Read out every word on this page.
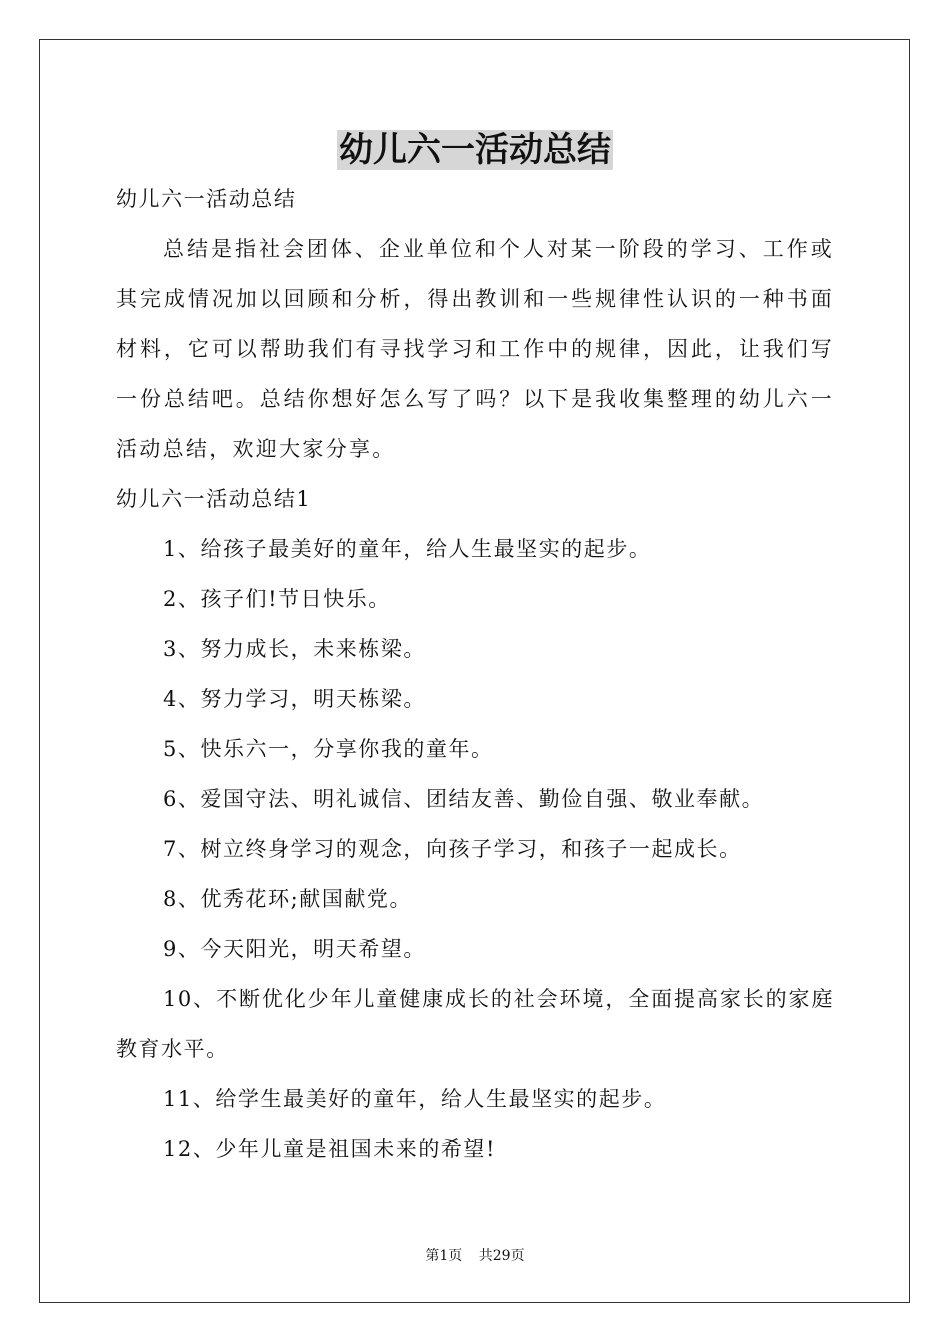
幼儿六一活动总结

幼儿六一活动总结

总结是指社会团体、企业单位和个人对某一阶段的学习、工作或其完成情况加以回顾和分析，得出教训和一些规律性认识的一种书面材料，它可以帮助我们有寻找学习和工作中的规律，因此，让我们写一份总结吧。总结你想好怎么写了吗？以下是我收集整理的幼儿六一活动总结，欢迎大家分享。

幼儿六一活动总结1

1、给孩子最美好的童年，给人生最坚实的起步。

2、孩子们!节日快乐。

3、努力成长，未来栋梁。

4、努力学习，明天栋梁。

5、快乐六一，分享你我的童年。

6、爱国守法、明礼诚信、团结友善、勤俭自强、敬业奉献。

7、树立终身学习的观念，向孩子学习，和孩子一起成长。

8、优秀花环;献国献党。

9、今天阳光，明天希望。

10、不断优化少年儿童健康成长的社会环境，全面提高家长的家庭教育水平。

11、给学生最美好的童年，给人生最坚实的起步。

12、少年儿童是祖国未来的希望!

第1页 共29页
